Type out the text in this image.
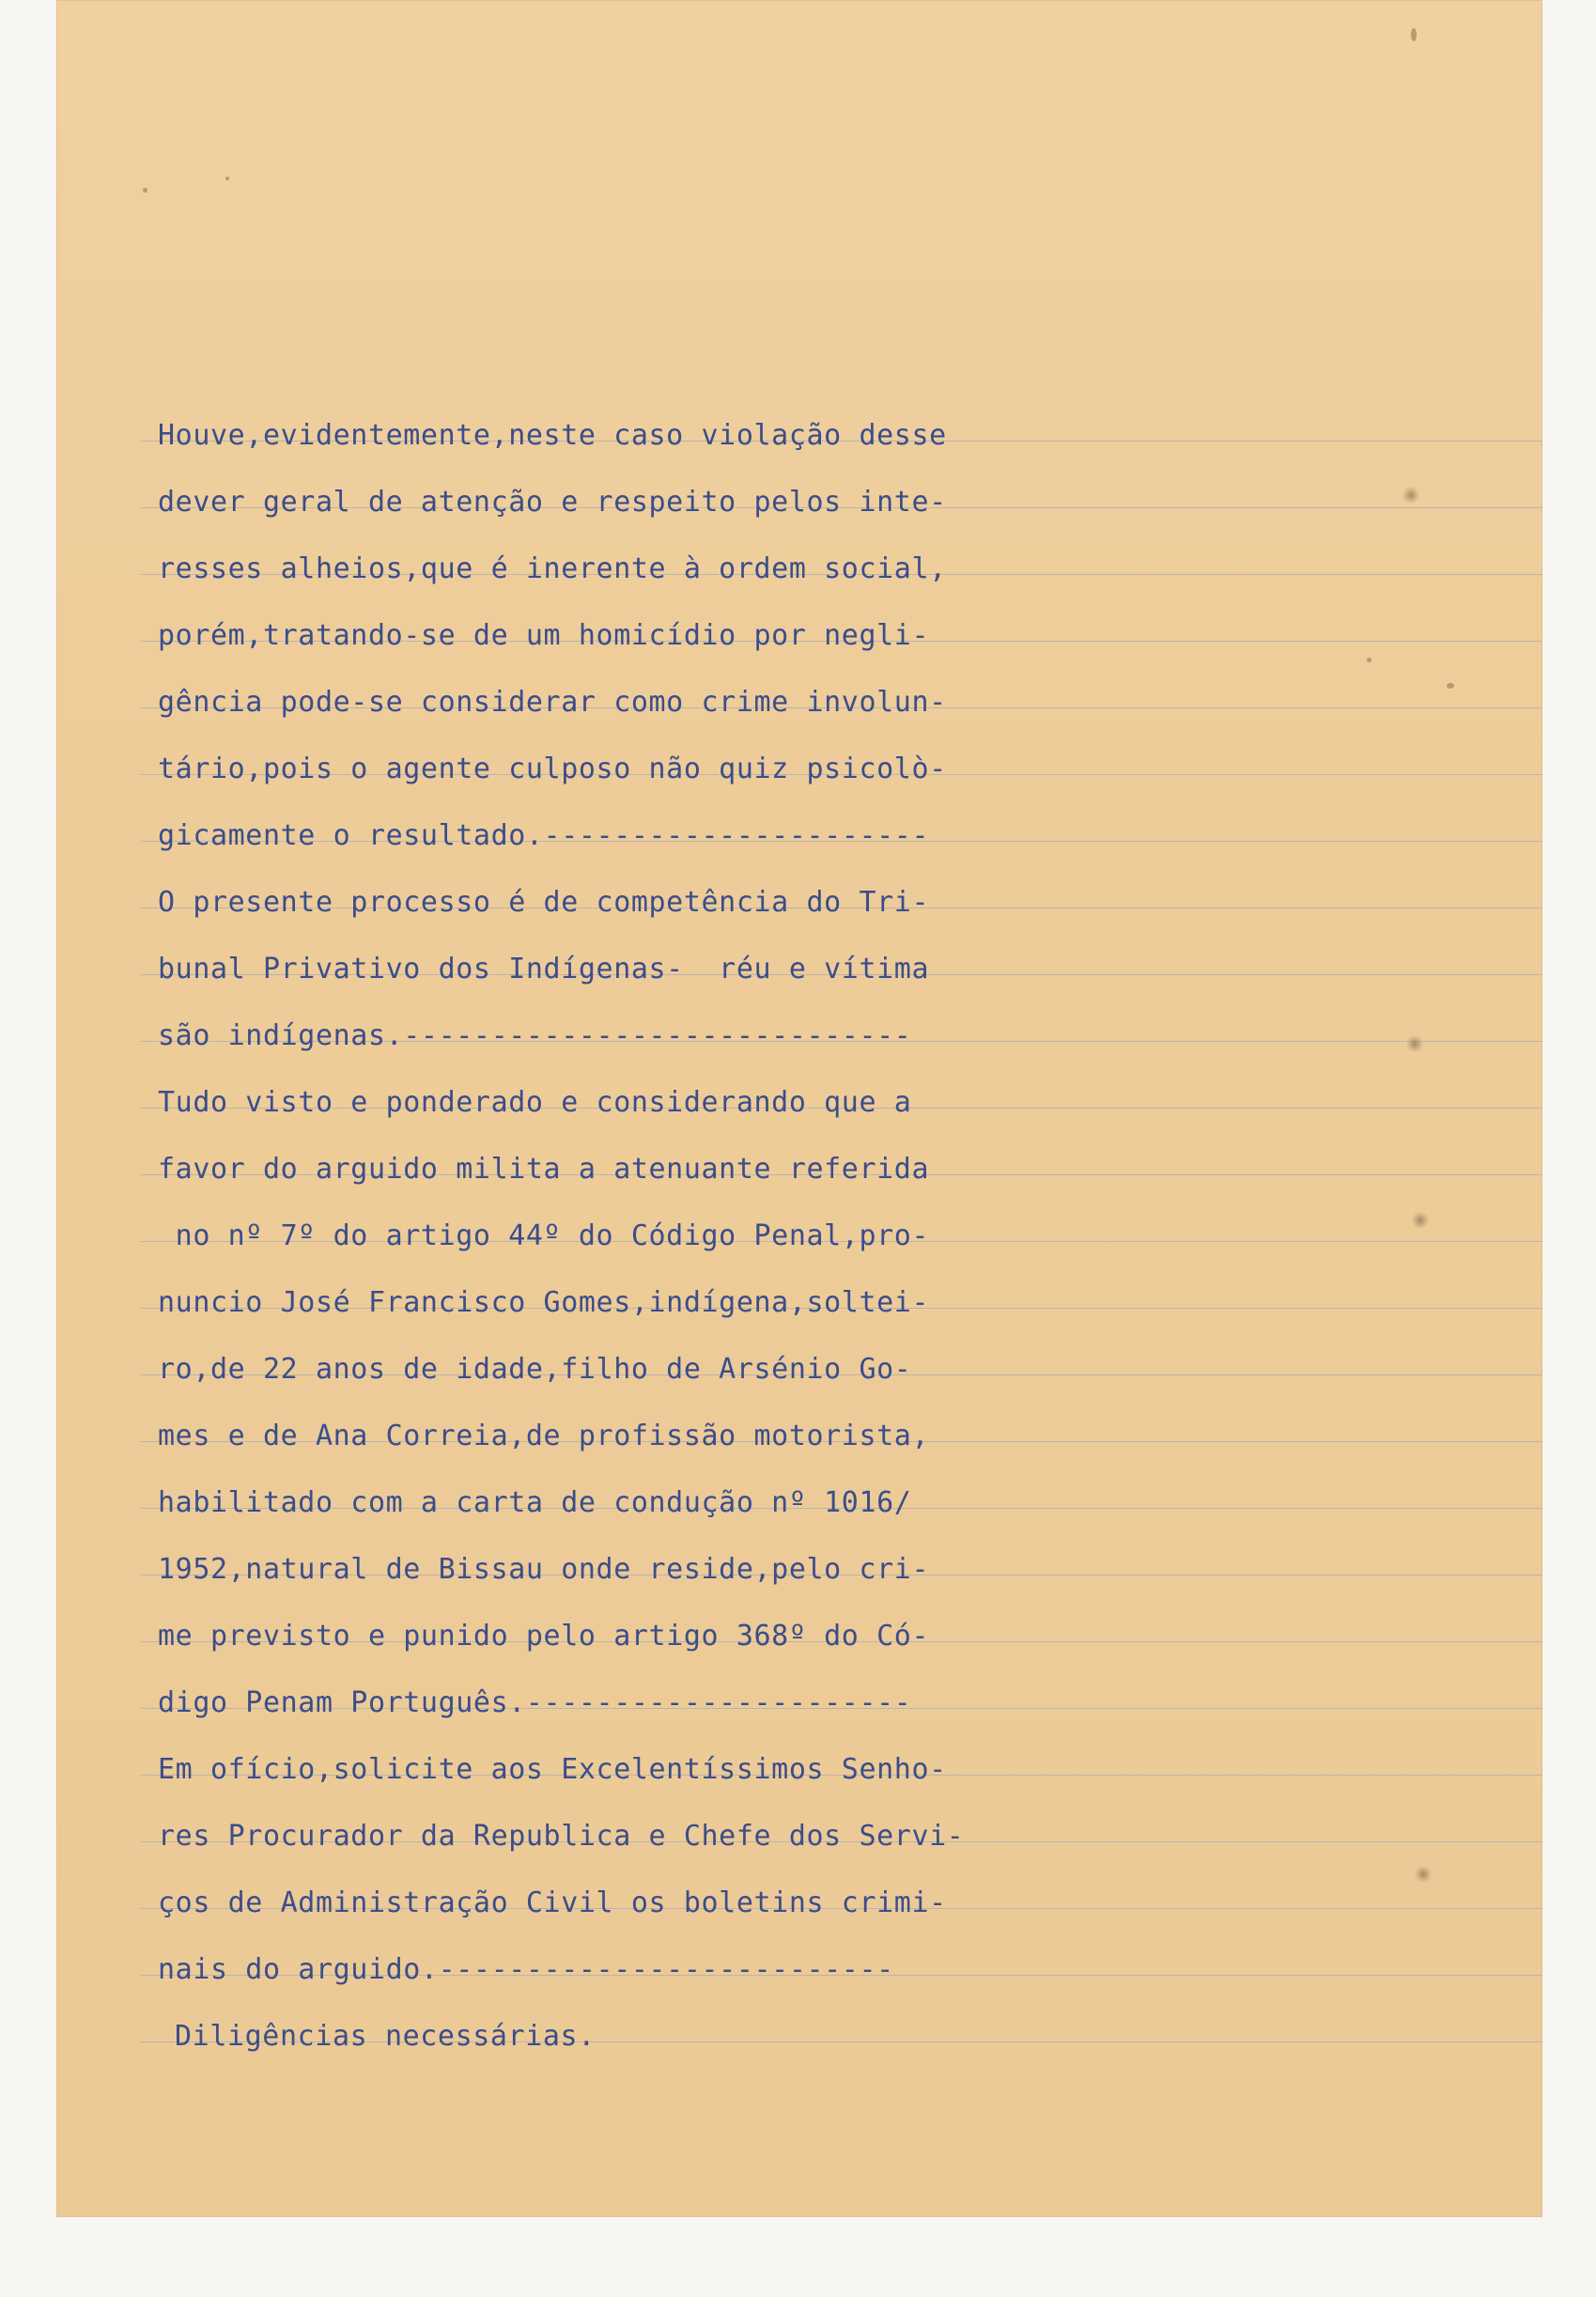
Houve,evidentemente,neste caso violação desse
dever geral de atenção e respeito pelos inte-
resses alheios,que é inerente à ordem social,
porém,tratando-se de um homicídio por negli-
gência pode-se considerar como crime involun-
tário,pois o agente culposo não quiz psicolò-
gicamente o resultado.----------------------
O presente processo é de competência do Tri-
bunal Privativo dos Indígenas-  réu e vítima
são indígenas.-----------------------------
Tudo visto e ponderado e considerando que a
favor do arguido milita a atenuante referida
no nº 7º do artigo 44º do Código Penal,pro-
nuncio José Francisco Gomes,indígena,soltei-
ro,de 22 anos de idade,filho de Arsénio Go-
mes e de Ana Correia,de profissão motorista,
habilitado com a carta de condução nº 1016/
1952,natural de Bissau onde reside,pelo cri-
me previsto e punido pelo artigo 368º do Có-
digo Penam Português.----------------------
Em ofício,solicite aos Excelentíssimos Senho-
res Procurador da Republica e Chefe dos Servi-
ços de Administração Civil os boletins crimi-
nais do arguido.--------------------------
Diligências necessárias.
